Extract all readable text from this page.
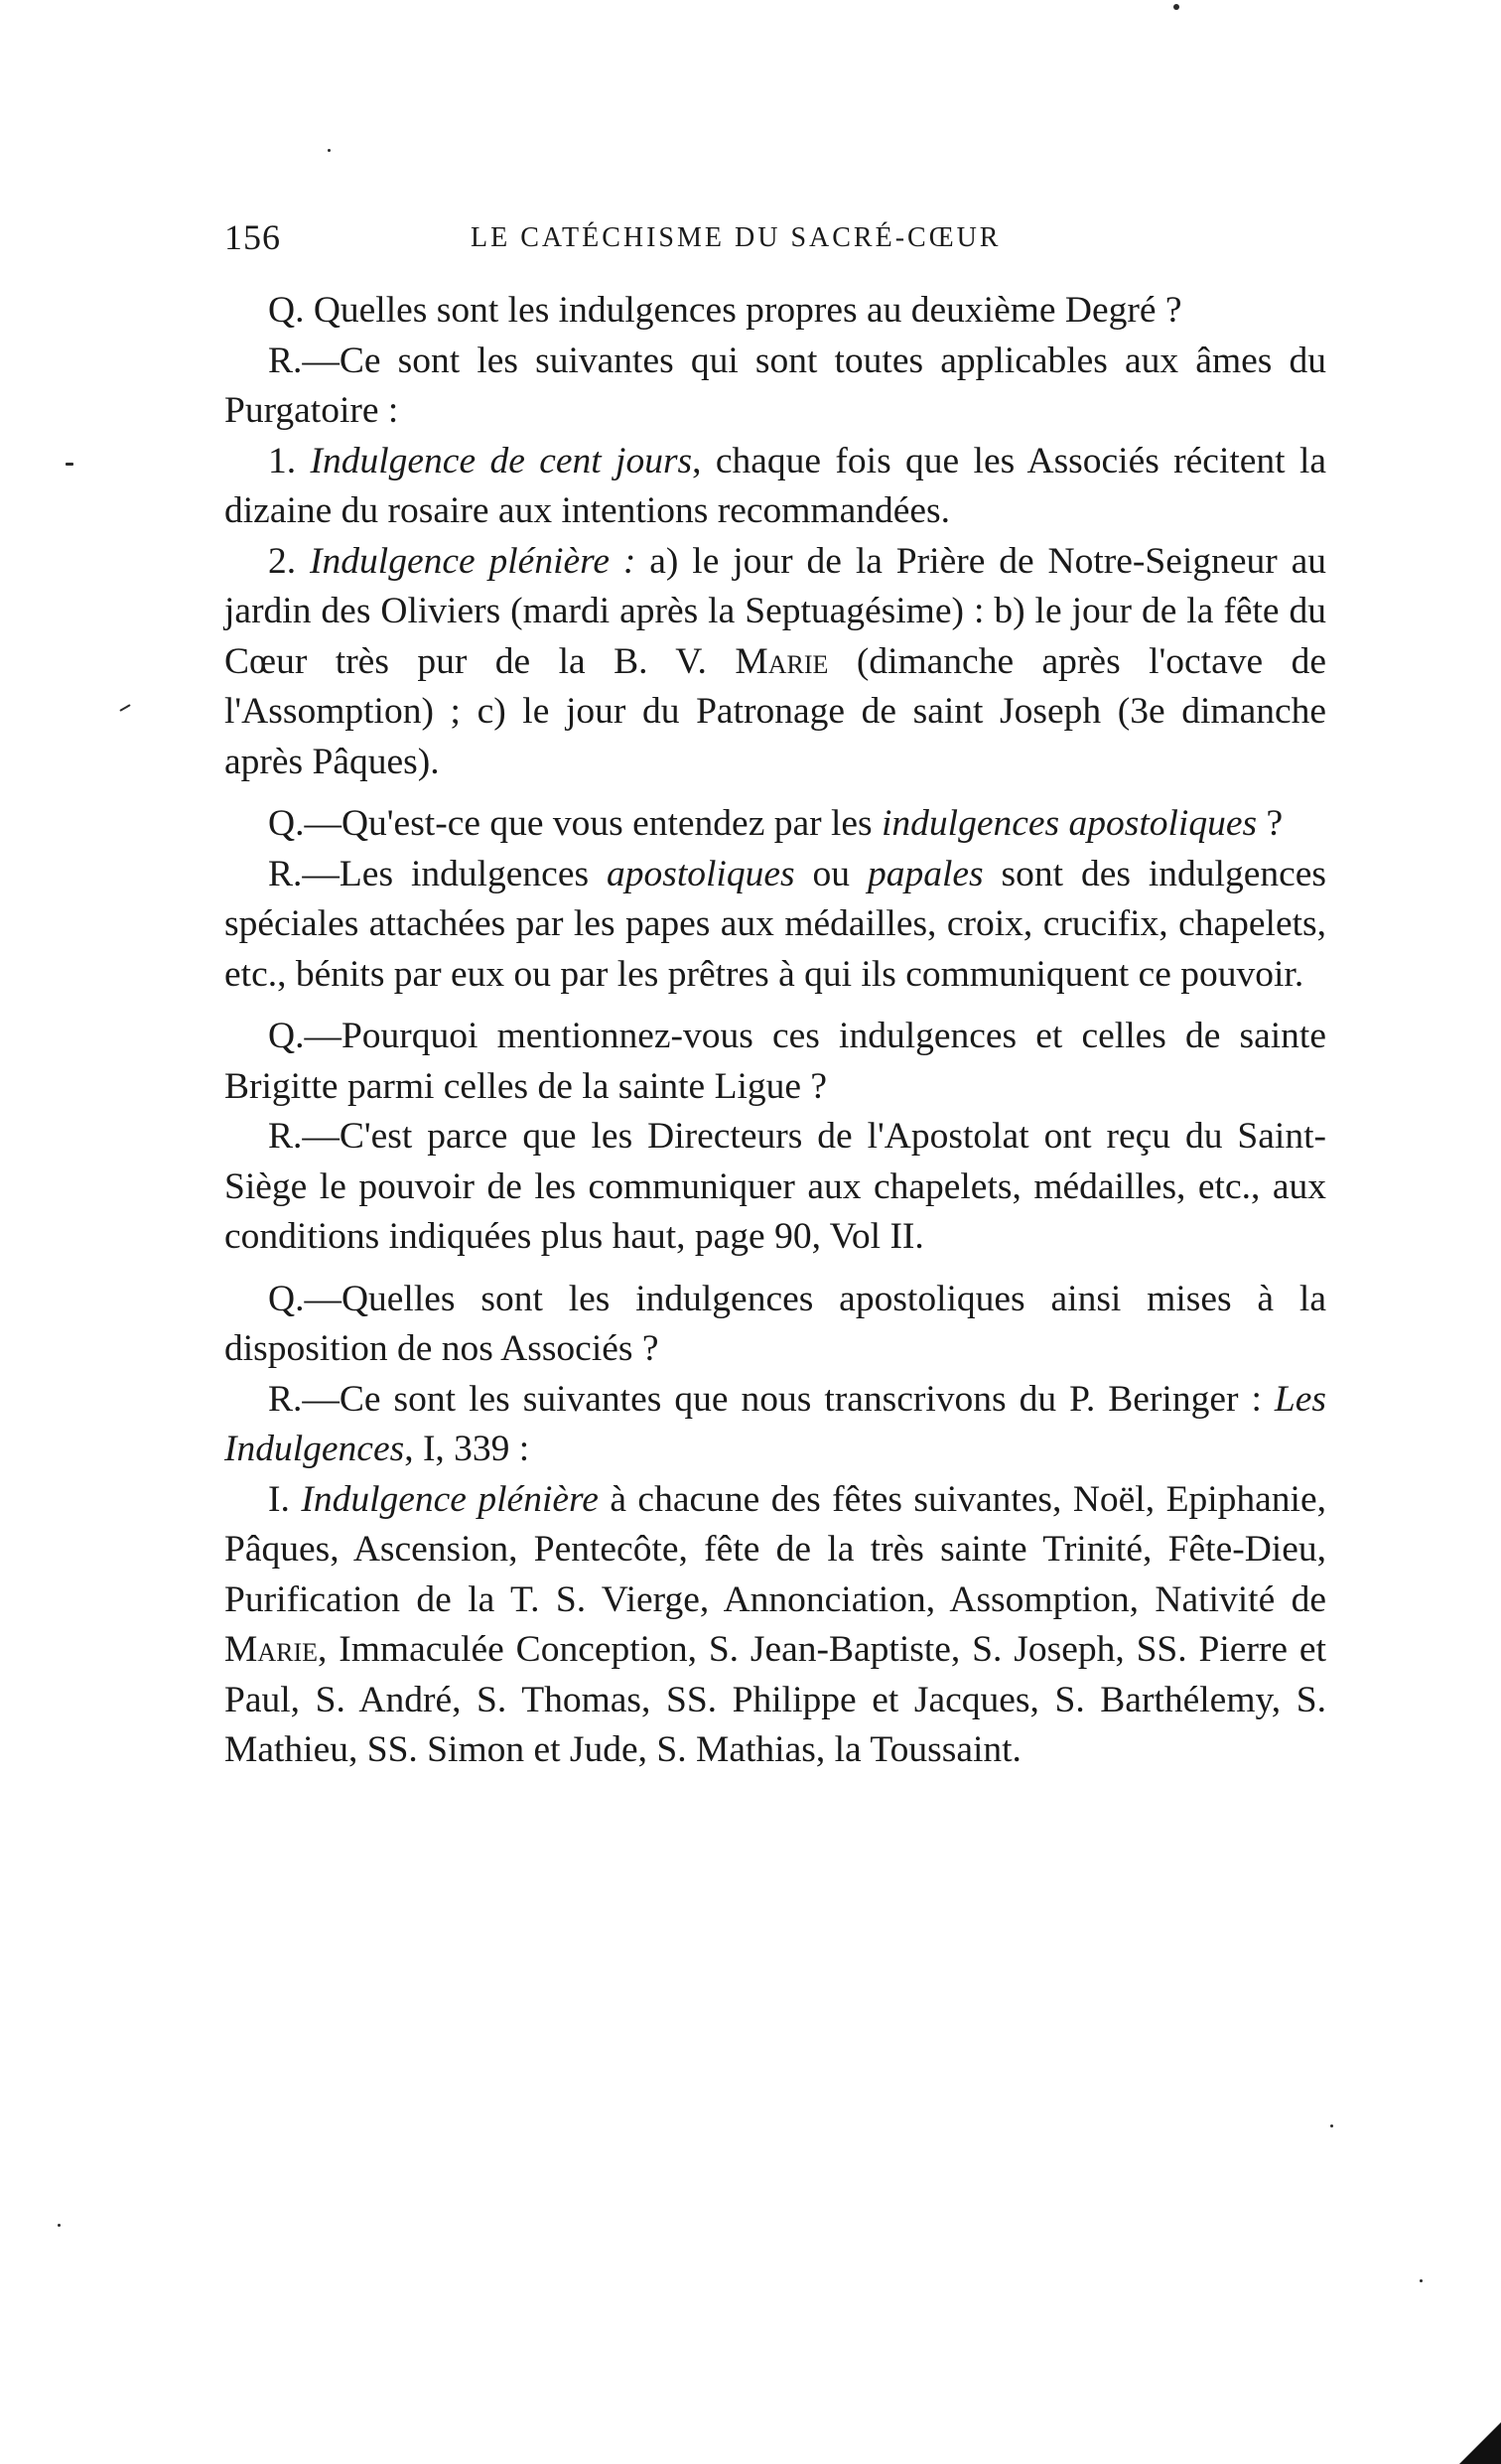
156	LE CATÉCHISME DU SACRÉ-CŒUR

Q. Quelles sont les indulgences propres au deuxième Degré ?

R.—Ce sont les suivantes qui sont toutes applicables aux âmes du Purgatoire :

1. Indulgence de cent jours, chaque fois que les Associés récitent la dizaine du rosaire aux intentions recommandées.

2. Indulgence plénière : a) le jour de la Prière de Notre-Seigneur au jardin des Oliviers (mardi après la Septuagésime) : b) le jour de la fête du Cœur très pur de la B. V. Marie (dimanche après l'octave de l'Assomption) ; c) le jour du Patronage de saint Joseph (3e dimanche après Pâques).

Q.—Qu'est-ce que vous entendez par les indulgences apostoliques ?

R.—Les indulgences apostoliques ou papales sont des indulgences spéciales attachées par les papes aux médailles, croix, crucifix, chapelets, etc., bénits par eux ou par les prêtres à qui ils communiquent ce pouvoir.

Q.—Pourquoi mentionnez-vous ces indulgences et celles de sainte Brigitte parmi celles de la sainte Ligue ?

R.—C'est parce que les Directeurs de l'Apostolat ont reçu du Saint-Siège le pouvoir de les communiquer aux chapelets, médailles, etc., aux conditions indiquées plus haut, page 90, Vol II.

Q.—Quelles sont les indulgences apostoliques ainsi mises à la disposition de nos Associés ?

R.—Ce sont les suivantes que nous transcrivons du P. Beringer : Les Indulgences, I, 339 :

I. Indulgence plénière à chacune des fêtes suivantes, Noël, Epiphanie, Pâques, Ascension, Pentecôte, fête de la très sainte Trinité, Fête-Dieu, Purification de la T. S. Vierge, Annonciation, Assomption, Nativité de Marie, Immaculée Conception, S. Jean-Baptiste, S. Joseph, SS. Pierre et Paul, S. André, S. Thomas, SS. Philippe et Jacques, S. Barthélemy, S. Mathieu, SS. Simon et Jude, S. Mathias, la Toussaint.
